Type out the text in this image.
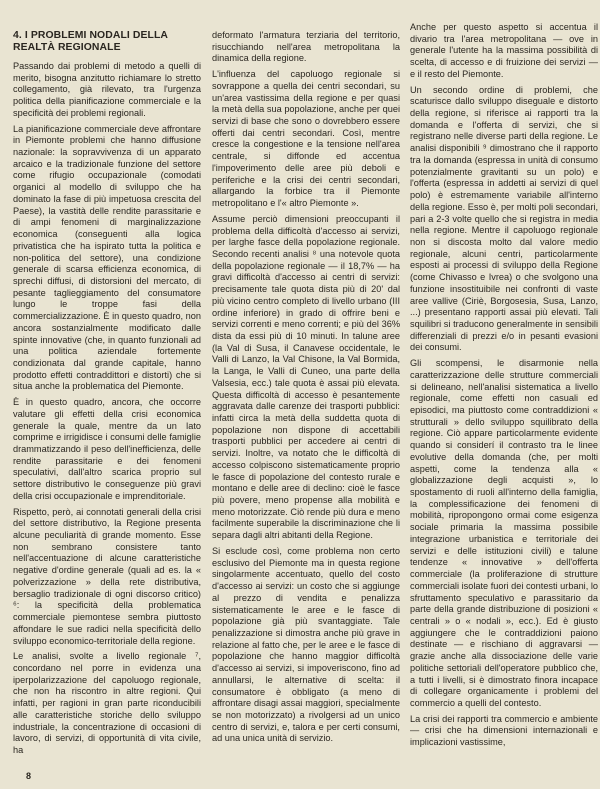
4. I PROBLEMI NODALI DELLA
REALTÀ REGIONALE

Passando dai problemi di metodo a quelli di merito, bisogna anzitutto richiamare lo stretto collegamento, già rilevato, tra l'urgenza politica della pianificazione commerciale e la specificità dei problemi regionali.

La pianificazione commerciale deve affrontare in Piemonte problemi che hanno diffusione nazionale: la sopravvivenza di un apparato arcaico e la tradizionale funzione del settore come rifugio occupazionale (comodati organici al modello di sviluppo che ha dominato la fase di più impetuosa crescita del Paese), la vastità delle rendite parassitarie e di ampi fenomeni di marginalizzazione economica (conseguenti alla logica privatistica che ha ispirato tutta la politica e non-politica del settore), una condizione generale di scarsa efficienza economica, di sprechi diffusi, di distorsioni del mercato, di pesante taglieggiamento del consumatore lungo le troppe fasi della commercializzazione. È in questo quadro, non ancora sostanzialmente modificato dalle spinte innovative (che, in quanto funzionali ad una politica aziendale fortemente condizionata dal grande capitale, hanno prodotto effetti contraddittori e distorti) che si situa anche la problematica del Piemonte.

È in questo quadro, ancora, che occorre valutare gli effetti della crisi economica generale la quale, mentre da un lato comprime e irrigidisce i consumi delle famiglie drammatizzando il peso dell'inefficienza, delle rendite parassitarie e dei fenomeni speculativi, dall'altro scarica proprio sul settore distributivo le conseguenze più gravi della crisi occupazionale e imprenditoriale.

Rispetto, però, ai connotati generali della crisi del settore distributivo, la Regione presenta alcune peculiarità di grande momento. Esse non sembrano consistere tanto nell'accentuazione di alcune caratteristiche negative d'ordine generale (quali ad es. la « polverizzazione » della rete distributiva, bersaglio tradizionale di ogni discorso critico) ⁶: la specificità della problematica commerciale piemontese sembra piuttosto affondare le sue radici nella specificità dello sviluppo economico-territoriale della regione.

Le analisi, svolte a livello regionale ⁷, concordano nel porre in evidenza una iperpolarizzazione del capoluogo regionale, che non ha riscontro in altre regioni. Qui infatti, per ragioni in gran parte riconducibili alle caratteristiche storiche dello sviluppo industriale, la concentrazione di occasioni di lavoro, di servizi, di opportunità di vita civile, ha

deformato l'armatura terziaria del territorio, risucchiando nell'area metropolitana la dinamica della regione.

L'influenza del capoluogo regionale si sovrappone a quella dei centri secondari, su un'area vastissima della regione e per quasi la metà della sua popolazione, anche per quei servizi di base che sono o dovrebbero essere offerti dai centri secondari. Così, mentre cresce la congestione e la tensione nell'area centrale, si diffonde ed accentua l'impoverimento delle aree più deboli e periferiche e la crisi dei centri secondari, allargando la forbice tra il Piemonte metropolitano e l'« altro Piemonte ».

Assume perciò dimensioni preoccupanti il problema della difficoltà d'accesso ai servizi, per larghe fasce della popolazione regionale. Secondo recenti analisi ⁸ una notevole quota della popolazione regionale — il 18,7% — ha gravi difficoltà d'accesso ai centri di servizi: precisamente tale quota dista più di 20' dal più vicino centro completo di livello urbano (III ordine inferiore) in grado di offrire beni e servizi correnti e meno correnti; e più del 36% dista da essi più di 10 minuti. In talune aree (la Val di Susa, il Canavese occidentale, le Valli di Lanzo, la Val Chisone, la Val Bormida, la Langa, le Valli di Cuneo, una parte della Valsesia, ecc.) tale quota è assai più elevata. Questa difficoltà di accesso è pesantemente aggravata dalle carenze dei trasporti pubblici: infatti circa la metà della suddetta quota di popolazione non dispone di accettabili trasporti pubblici per accedere ai centri di servizi. Inoltre, va notato che le difficoltà di accesso colpiscono sistematicamente proprio le fasce di popolazione del contesto rurale e montano e delle aree di declino: cioè le fasce più povere, meno propense alla mobilità e meno motorizzate. Ciò rende più dura e meno facilmente superabile la discriminazione che li separa dagli altri abitanti della Regione.

Si esclude così, come problema non certo esclusivo del Piemonte ma in questa regione singolarmente accentuato, quello del costo d'accesso ai servizi: un costo che si aggiunge al prezzo di vendita e penalizza sistematicamente le aree e le fasce di popolazione già più svantaggiate. Tale penalizzazione si dimostra anche più grave in relazione al fatto che, per le aree e le fasce di popolazione che hanno maggior difficoltà d'accesso ai servizi, si impoveriscono, fino ad annullarsi, le alternative di scelta: il consumatore è obbligato (a meno di affrontare disagi assai maggiori, specialmente se non motorizzato) a rivolgersi ad un unico centro di servizi, e, talora e per certi consumi, ad una unica unità di servizio.

Anche per questo aspetto si accentua il divario tra l'area metropolitana — ove in generale l'utente ha la massima possibilità di scelta, di accesso e di fruizione dei servizi — e il resto del Piemonte.

Un secondo ordine di problemi, che scaturisce dallo sviluppo diseguale e distorto della regione, si riferisce ai rapporti tra la domanda e l'offerta di servizi, che si registrano nelle diverse parti della regione. Le analisi disponibili ⁹ dimostrano che il rapporto tra la domanda (espressa in unità di consumo potenzialmente gravitanti su un polo) e l'offerta (espressa in addetti ai servizi di quel polo) è estremamente variabile all'interno della regione. Esso è, per molti poli secondari, pari a 2-3 volte quello che si registra in media nella regione. Mentre il capoluogo regionale non si discosta molto dal valore medio regionale, alcuni centri, particolarmente esposti ai processi di sviluppo della Regione (come Chivasso e Ivrea) o che svolgono una funzione insostituibile nei confronti di vaste aree vallive (Ciriè, Borgosesia, Susa, Lanzo, ...) presentano rapporti assai più elevati. Tali squilibri si traducono generalmente in sensibili differenziali di prezzi e/o in pesanti evasioni dei consumi.

Gli scompensi, le disarmonie nella caratterizzazione delle strutture commerciali si delineano, nell'analisi sistematica a livello regionale, come effetti non casuali ed episodici, ma piuttosto come contraddizioni « strutturali » dello sviluppo squilibrato della regione. Ciò appare particolarmente evidente quando si considerí il contrasto tra le linee evolutive della domanda (che, per molti aspetti, come la tendenza alla « globalizzazione degli acquisti », lo spostamento di ruoli all'interno della famiglia, la complessificazione dei fenomeni di mobilità, ripropongono ormai come esigenza sociale primaria la massima possibile integrazione urbanistica e territoriale dei servizi e delle istituzioni civili) e talune tendenze « innovative » dell'offerta commerciale (la proliferazione di strutture commerciali isolate fuori dei contesti urbani, lo sfruttamento speculativo e parassitario da parte della grande distribuzione di posizioni « centrali » o « nodali », ecc.). Ed è giusto aggiungere che le contraddizioni paiono destinate — e rischiano di aggravarsi — grazie anche alla dissociazione delle varie politiche settoriali dell'operatore pubblico che, a tutti i livelli, si è dimostrato finora incapace di collegare organicamente i problemi del commercio a quelli del contesto.

La crisi dei rapporti tra commercio e ambiente — crisi che ha dimensioni internazionali e implicazioni vastissime,

8
